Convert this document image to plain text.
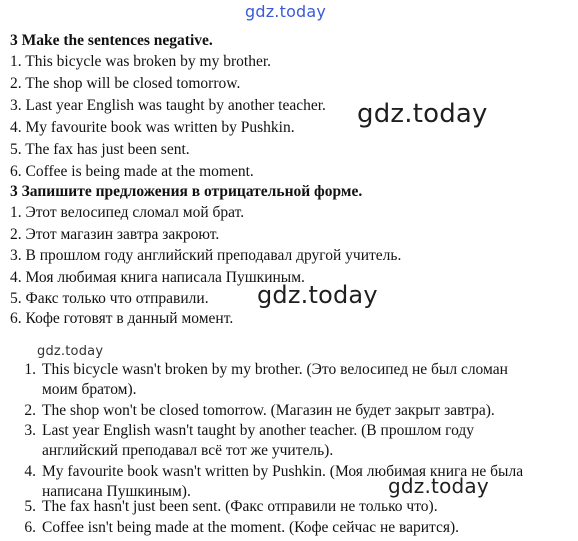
gdz.today
gdz.today
gdz.today
gdz.today
gdz.today
3 Make the sentences negative.
1. This bicycle was broken by my brother.
2. The shop will be closed tomorrow.
3. Last year English was taught by another teacher.
4. My favourite book was written by Pushkin.
5. The fax has just been sent.
6. Coffee is being made at the moment.
3 Запишите предложения в отрицательной форме.
1. Этот велосипед сломал мой брат.
2. Этот магазин завтра закроют.
3. В прошлом году английский преподавал другой учитель.
4. Моя любимая книга написала Пушкиным.
5. Факс только что отправили.
6. Кофе готовят в данный момент.
1. This bicycle wasn't broken by my brother. (Это велосипед не был сломан
моим братом).
2. The shop won't be closed tomorrow. (Магазин не будет закрыт завтра).
3. Last year English wasn't taught by another teacher. (В прошлом году
английский преподавал всё тот же учитель).
4. My favourite book wasn't written by Pushkin. (Моя любимая книга не была
написана Пушкиным).
5. The fax hasn't just been sent. (Факс отправили не только что).
6. Coffee isn't being made at the moment. (Кофе сейчас не варится).
